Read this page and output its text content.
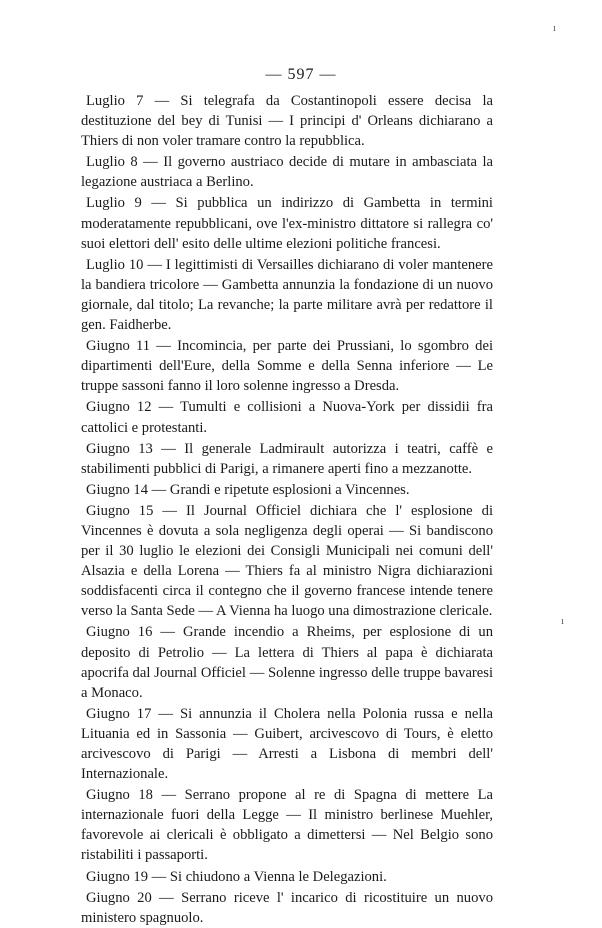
ı
— 597 —

Luglio 7 — Si telegrafa da Costantinopoli essere decisa la destituzione del bey di Tunisi — I principi d' Orleans dichiarano a Thiers di non voler tramare contro la repubblica.

Luglio 8 — Il governo austriaco decide di mutare in ambasciata la legazione austriaca a Berlino.

Luglio 9 — Si pubblica un indirizzo di Gambetta in termini moderatamente repubblicani, ove l'ex-ministro dittatore si rallegra co' suoi elettori dell' esito delle ultime elezioni politiche francesi.

Luglio 10 — I legittimisti di Versailles dichiarano di voler mantenere la bandiera tricolore — Gambetta annunzia la fondazione di un nuovo giornale, dal titolo; La revanche; la parte militare avrà per redattore il gen. Faidherbe.

Giugno 11 — Incomincia, per parte dei Prussiani, lo sgombro dei dipartimenti dell'Eure, della Somme e della Senna inferiore — Le truppe sassoni fanno il loro solenne ingresso a Dresda.

Giugno 12 — Tumulti e collisioni a Nuova-York per dissidii fra cattolici e protestanti.

Giugno 13 — Il generale Ladmirault autorizza i teatri, caffè e stabilimenti pubblici di Parigi, a rimanere aperti fino a mezzanotte.

Giugno 14 — Grandi e ripetute esplosioni a Vincennes.

Giugno 15 — Il Journal Officiel dichiara che l' esplosione di Vincennes è dovuta a sola negligenza degli operai — Si bandiscono per il 30 luglio le elezioni dei Consigli Municipali nei comuni dell' Alsazia e della Lorena — Thiers fa al ministro Nigra dichiarazioni soddisfacenti circa il contegno che il governo francese intende tenere verso la Santa Sede — A Vienna ha luogo una dimostrazione clericale.

Giugno 16 — Grande incendio a Rheims, per esplosione di un deposito di Petrolio — La lettera di Thiers al papa è dichiarata apocrifa dal Journal Officiel — Solenne ingresso delle truppe bavaresi a Monaco.

Giugno 17 — Si annunzia il Cholera nella Polonia russa e nella Lituania ed in Sassonia — Guibert, arcivescovo di Tours, è eletto arcivescovo di Parigi — Arresti a Lisbona di membri dell' Internazionale.

Giugno 18 — Serrano propone al re di Spagna di mettere La internazionale fuori della Legge — Il ministro berlinese Muehler, favorevole ai clericali è obbligato a dimettersi — Nel Belgio sono ristabiliti i passaporti.

Giugno 19 — Si chiudono a Vienna le Delegazioni.

Giugno 20 — Serrano riceve l' incarico di ricostituire un nuovo ministero spagnuolo.

ı
